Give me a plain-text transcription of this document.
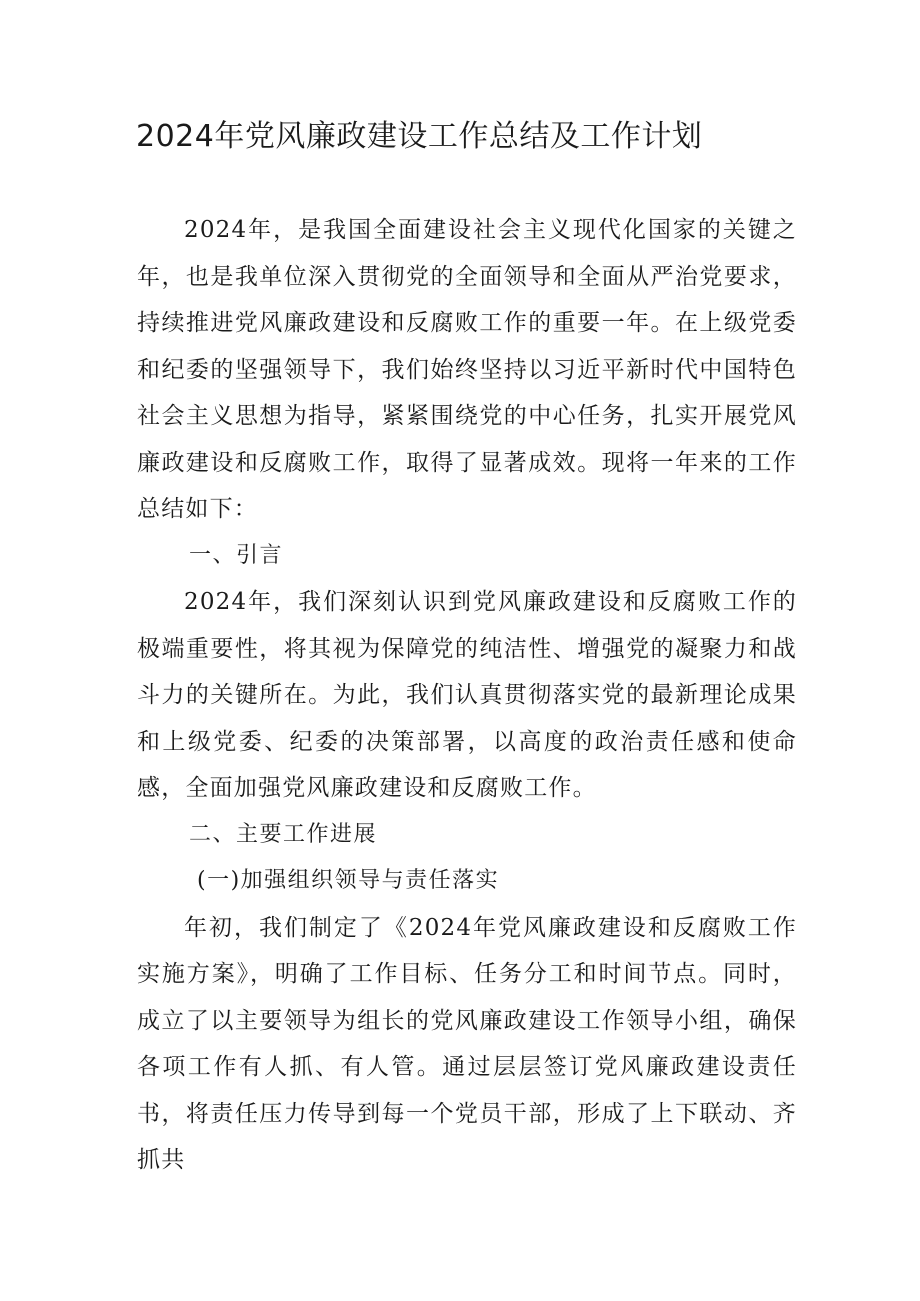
2024年党风廉政建设工作总结及工作计划

2024年，是我国全面建设社会主义现代化国家的关键之年，也是我单位深入贯彻党的全面领导和全面从严治党要求，持续推进党风廉政建设和反腐败工作的重要一年。在上级党委和纪委的坚强领导下，我们始终坚持以习近平新时代中国特色社会主义思想为指导，紧紧围绕党的中心任务，扎实开展党风廉政建设和反腐败工作，取得了显著成效。现将一年来的工作总结如下：

一、引言

2024年，我们深刻认识到党风廉政建设和反腐败工作的极端重要性，将其视为保障党的纯洁性、增强党的凝聚力和战斗力的关键所在。为此，我们认真贯彻落实党的最新理论成果和上级党委、纪委的决策部署，以高度的政治责任感和使命感，全面加强党风廉政建设和反腐败工作。

二、主要工作进展

(一)加强组织领导与责任落实

年初，我们制定了《2024年党风廉政建设和反腐败工作实施方案》，明确了工作目标、任务分工和时间节点。同时，成立了以主要领导为组长的党风廉政建设工作领导小组，确保各项工作有人抓、有人管。通过层层签订党风廉政建设责任书，将责任压力传导到每一个党员干部，形成了上下联动、齐抓共
